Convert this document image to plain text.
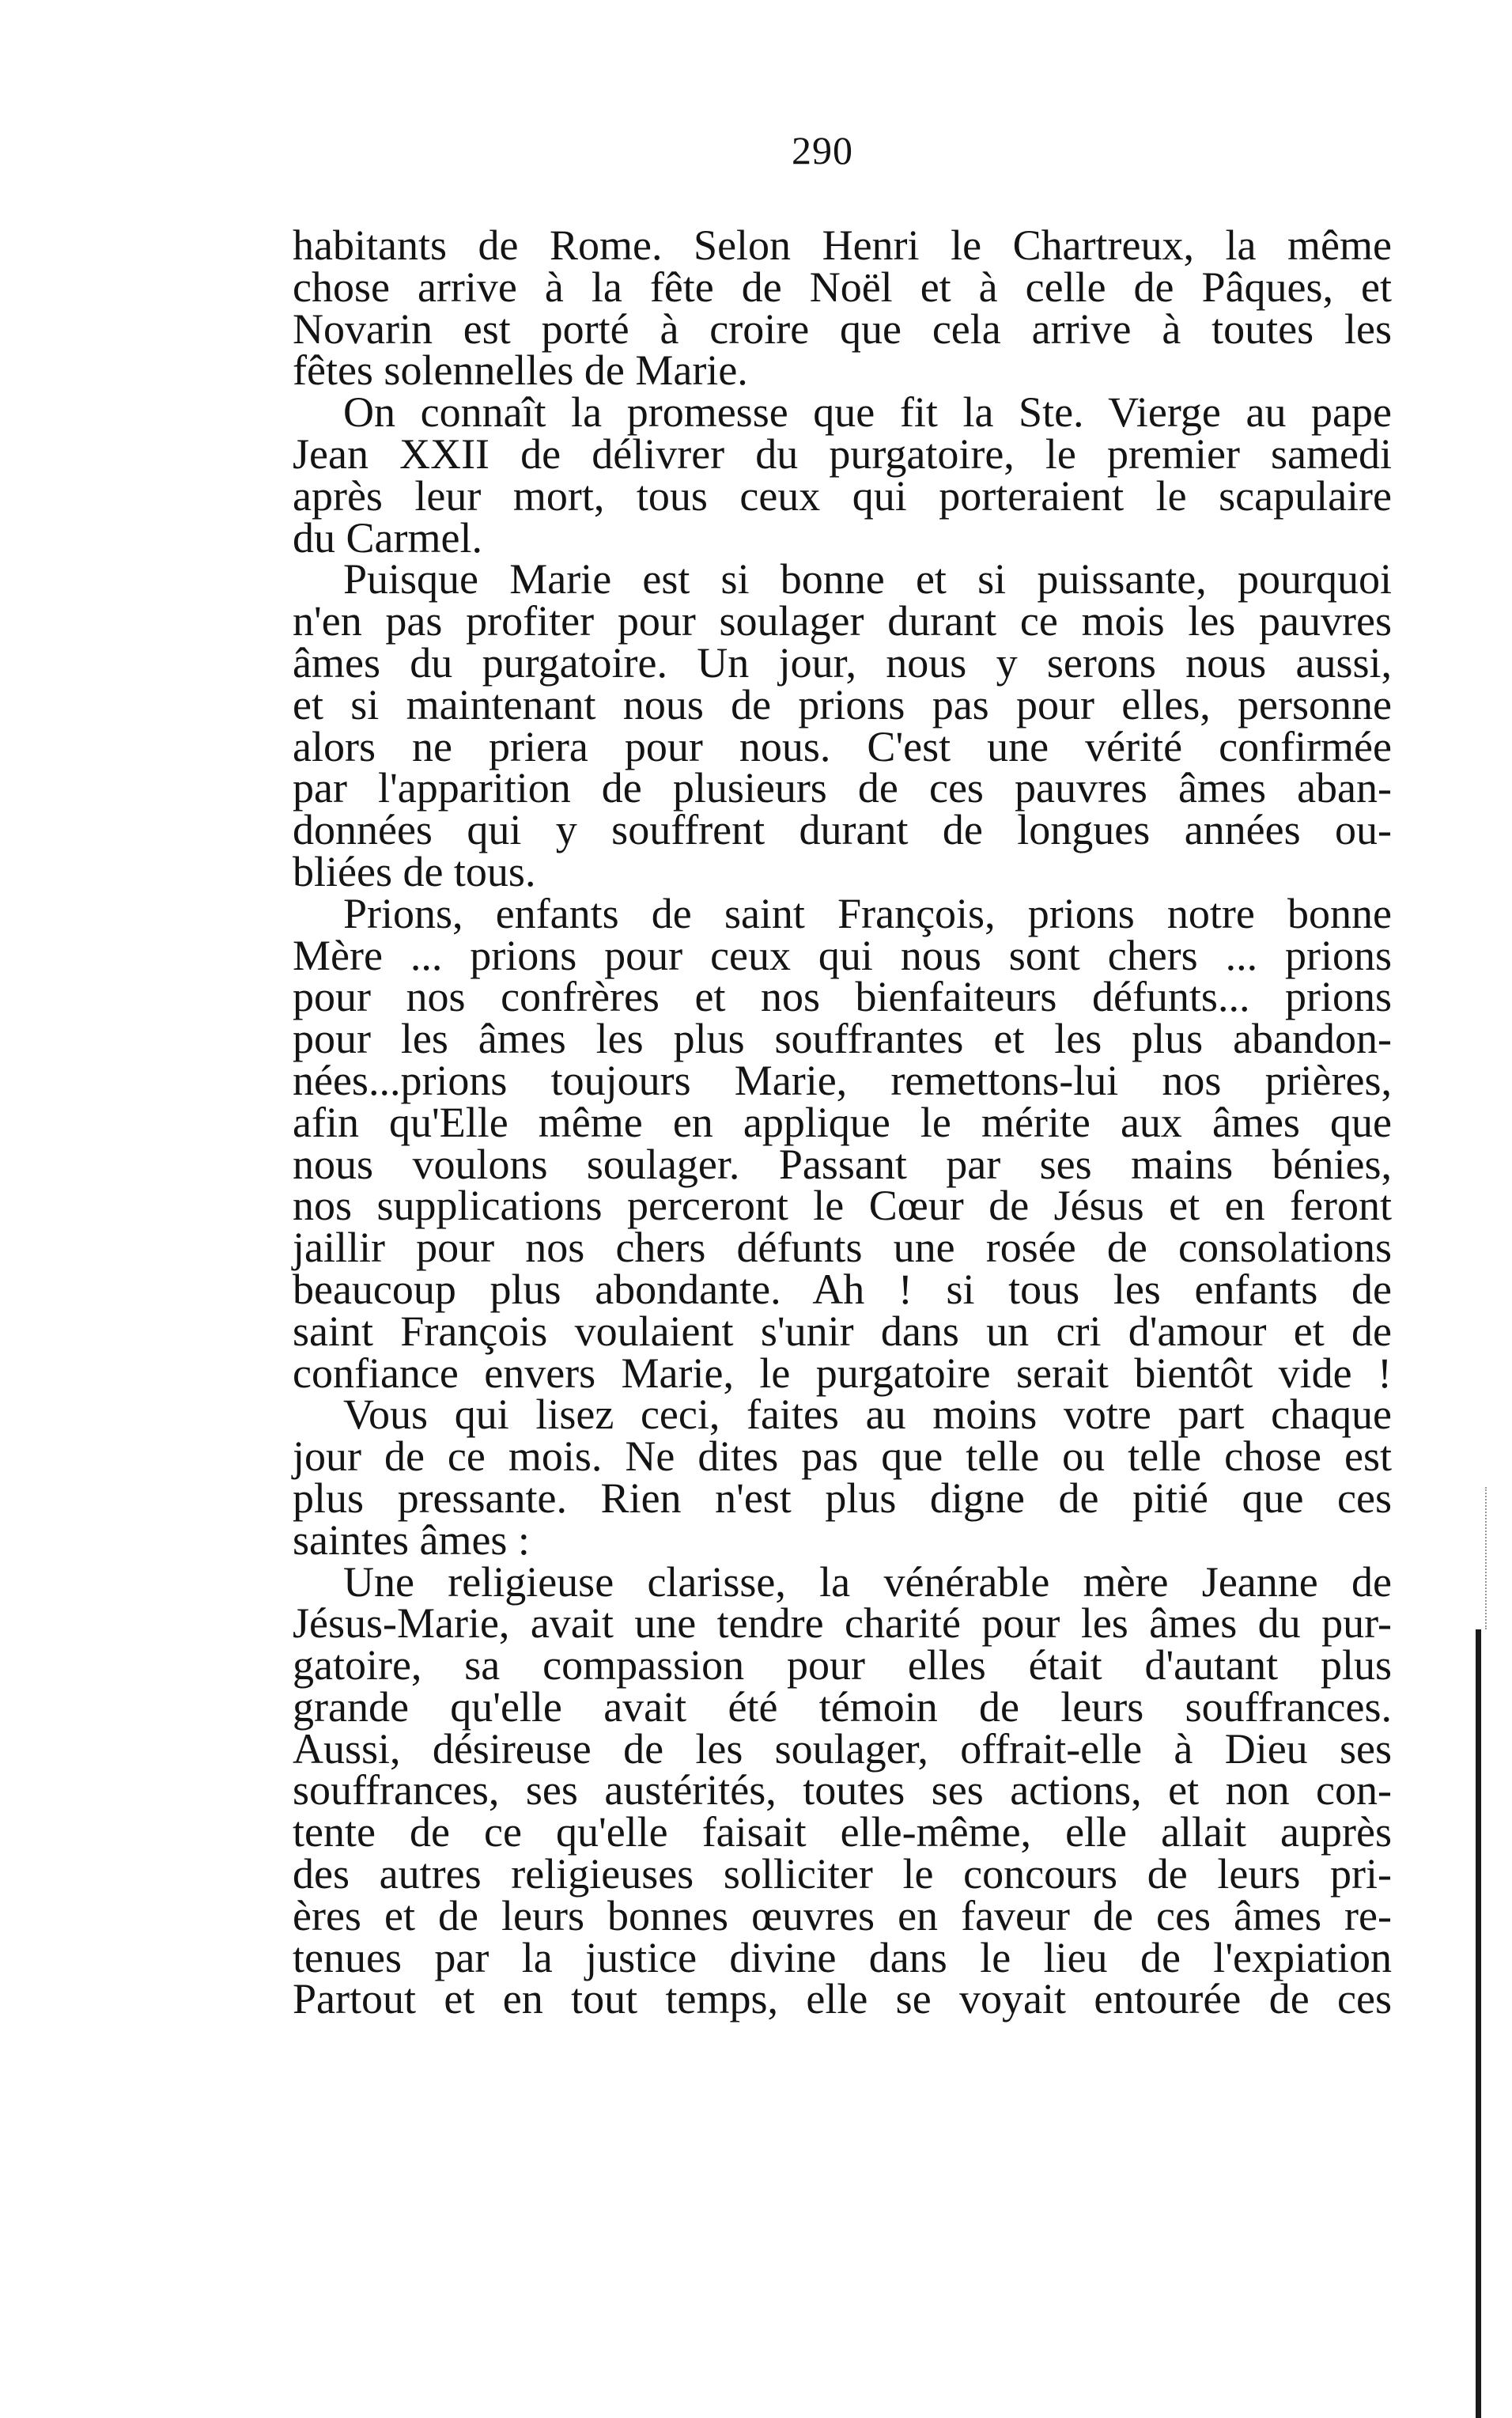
290
habitants de Rome. Selon Henri le Chartreux, la même
chose arrive à la fête de Noël et à celle de Pâques, et
Novarin est porté à croire que cela arrive à toutes les
fêtes solennelles de Marie.
On connaît la promesse que fit la Ste. Vierge au pape
Jean XXII de délivrer du purgatoire, le premier samedi
après leur mort, tous ceux qui porteraient le scapulaire
du Carmel.
Puisque Marie est si bonne et si puissante, pourquoi
n'en pas profiter pour soulager durant ce mois les pauvres
âmes du purgatoire. Un jour, nous y serons nous aussi,
et si maintenant nous de prions pas pour elles, personne
alors ne priera pour nous. C'est une vérité confirmée
par l'apparition de plusieurs de ces pauvres âmes aban-
données qui y souffrent durant de longues années ou-
bliées de tous.
Prions, enfants de saint François, prions notre bonne
Mère ... prions pour ceux qui nous sont chers ... prions
pour nos confrères et nos bienfaiteurs défunts... prions
pour les âmes les plus souffrantes et les plus abandon-
nées...prions toujours Marie, remettons-lui nos prières,
afin qu'Elle même en applique le mérite aux âmes que
nous voulons soulager. Passant par ses mains bénies,
nos supplications perceront le Cœur de Jésus et en feront
jaillir pour nos chers défunts une rosée de consolations
beaucoup plus abondante. Ah ! si tous les enfants de
saint François voulaient s'unir dans un cri d'amour et de
confiance envers Marie, le purgatoire serait bientôt vide !
Vous qui lisez ceci, faites au moins votre part chaque
jour de ce mois. Ne dites pas que telle ou telle chose est
plus pressante. Rien n'est plus digne de pitié que ces
saintes âmes :
Une religieuse clarisse, la vénérable mère Jeanne de
Jésus-Marie, avait une tendre charité pour les âmes du pur-
gatoire, sa compassion pour elles était d'autant plus
grande qu'elle avait été témoin de leurs souffrances.
Aussi, désireuse de les soulager, offrait-elle à Dieu ses
souffrances, ses austérités, toutes ses actions, et non con-
tente de ce qu'elle faisait elle-même, elle allait auprès
des autres religieuses solliciter le concours de leurs pri-
ères et de leurs bonnes œuvres en faveur de ces âmes re-
tenues par la justice divine dans le lieu de l'expiation
Partout et en tout temps, elle se voyait entourée de ces
